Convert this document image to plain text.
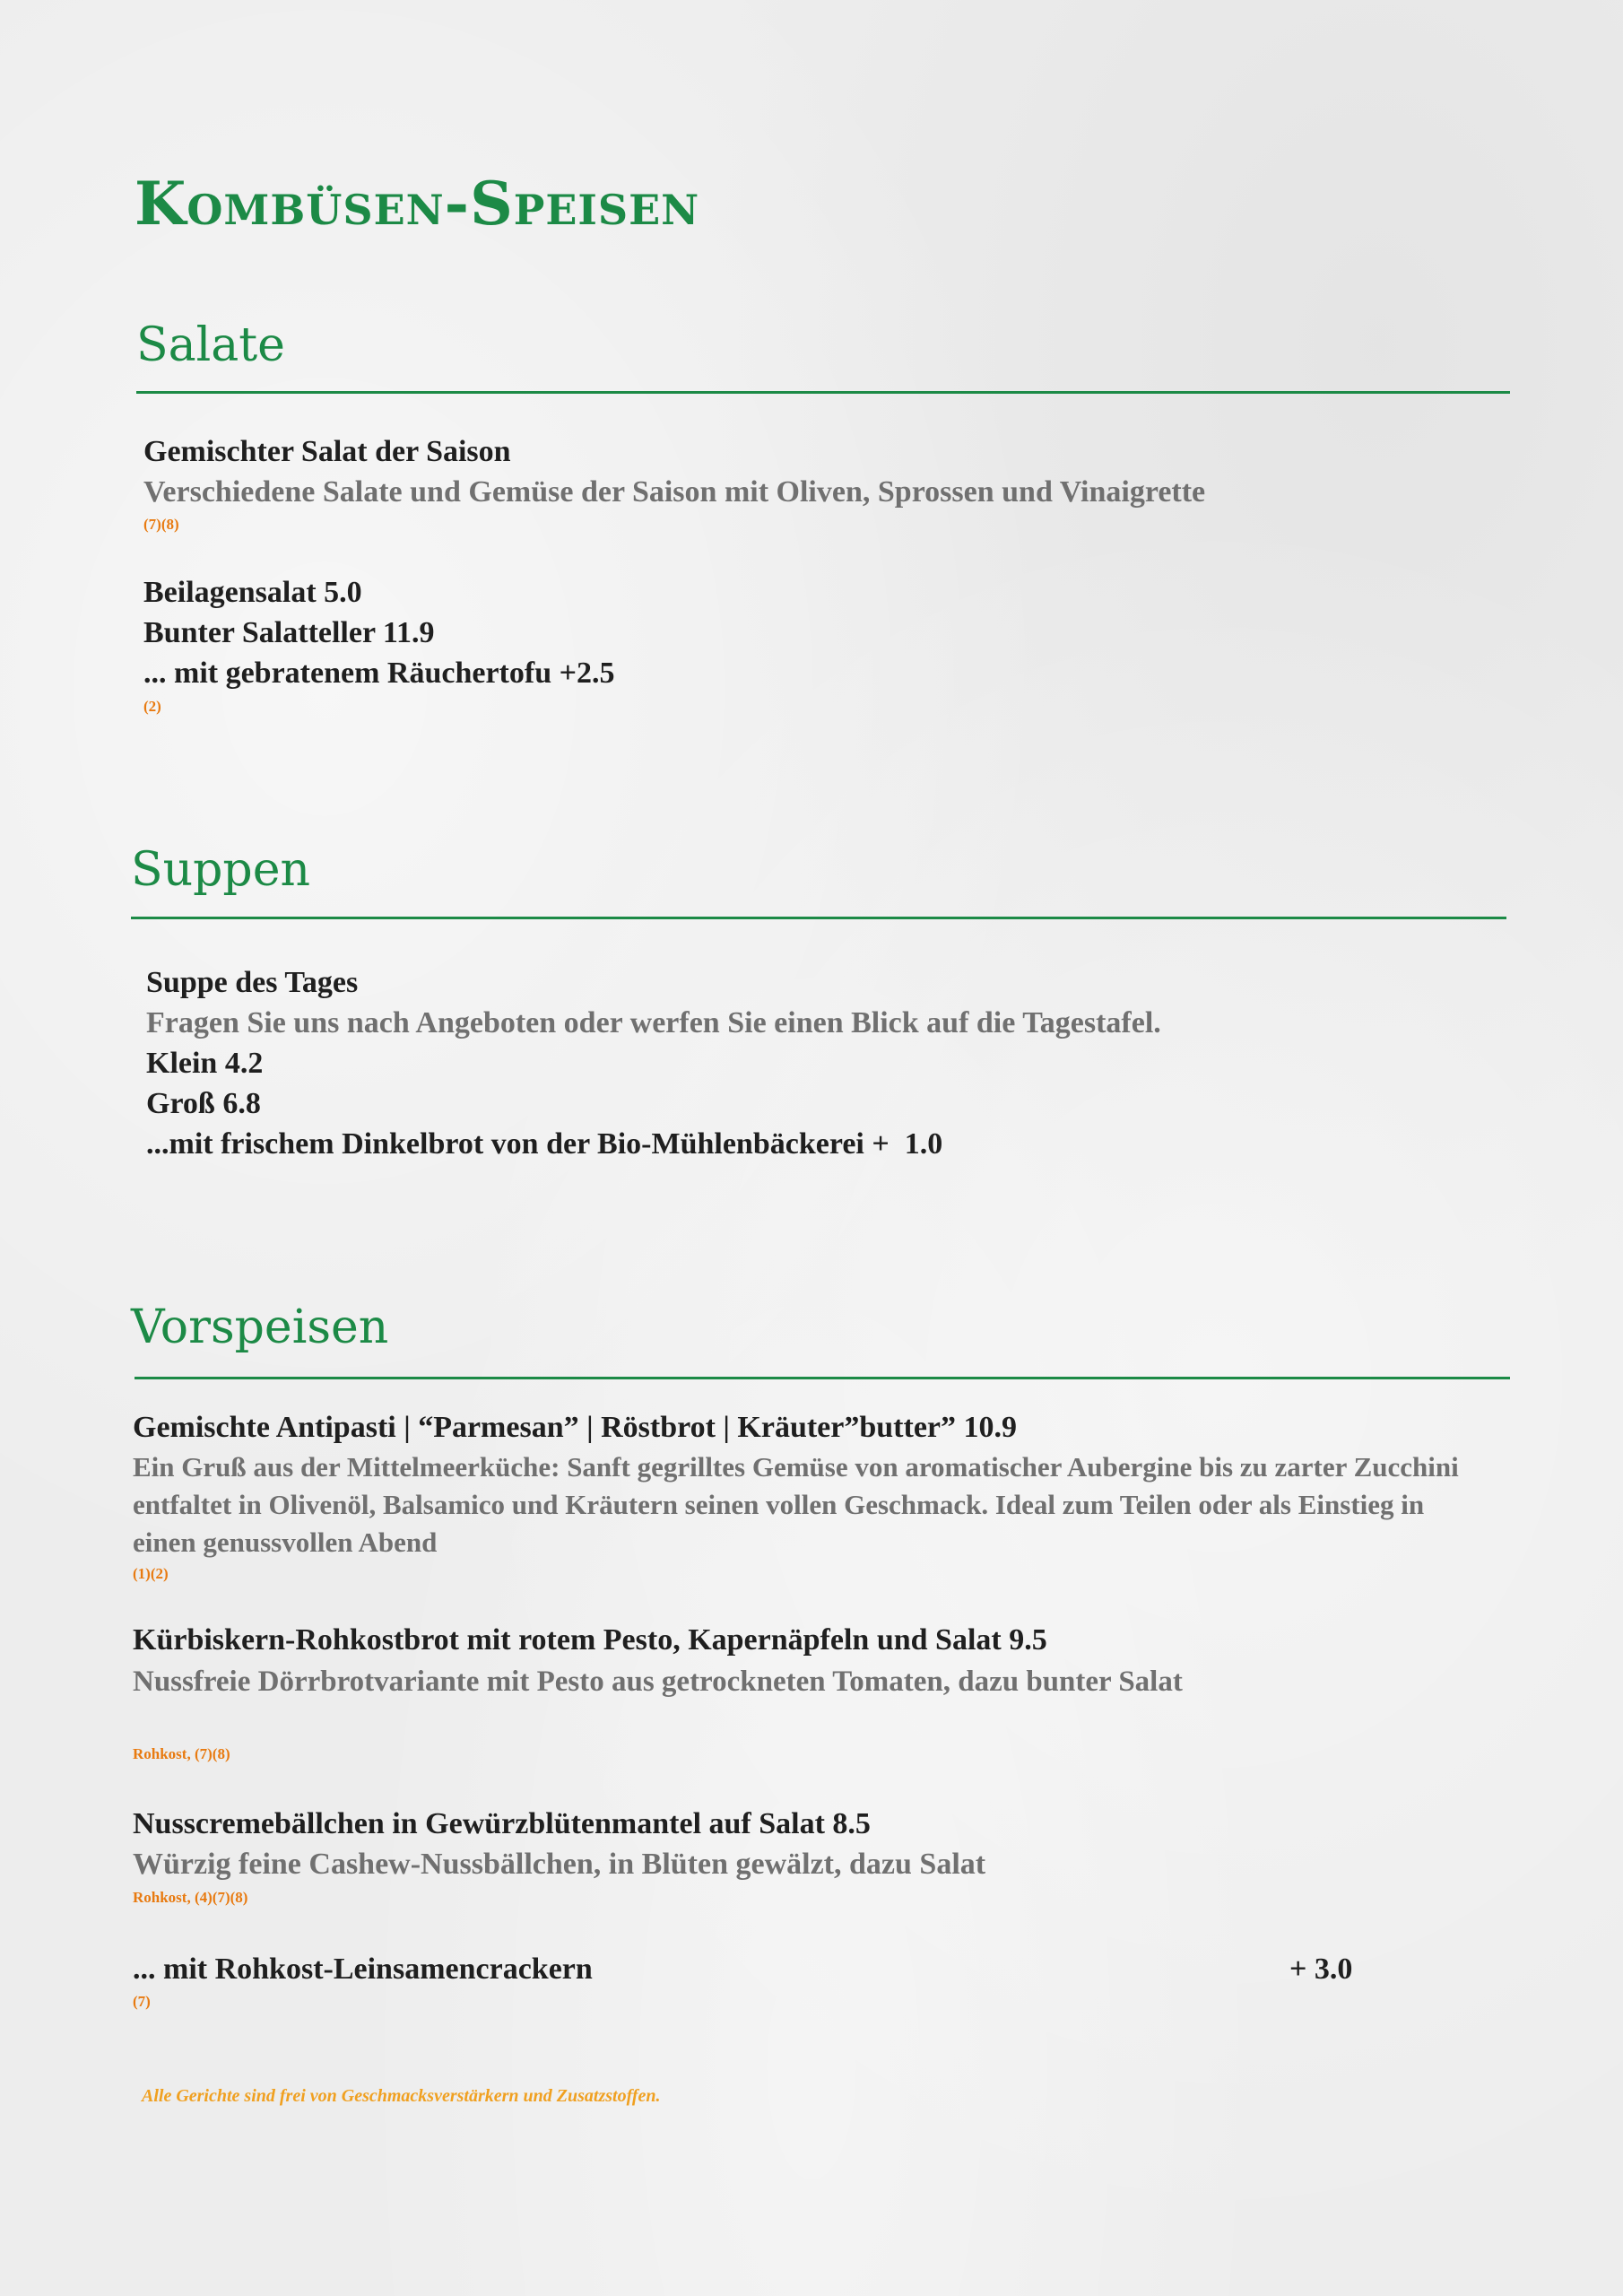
Kombüsen-Speisen
Salate
Gemischter Salat der Saison
Verschiedene Salate und Gemüse der Saison mit Oliven, Sprossen und Vinaigrette
(7)(8)
Beilagensalat 5.0
Bunter Salatteller 11.9
... mit gebratenem Räuchertofu +2.5
(2)
Suppen
Suppe des Tages
Fragen Sie uns nach Angeboten oder werfen Sie einen Blick auf die Tagestafel.
Klein 4.2
Groß 6.8
...mit frischem Dinkelbrot von der Bio-Mühlenbäckerei +  1.0
Vorspeisen
Gemischte Antipasti | “Parmesan” | Röstbrot | Kräuter”butter” 10.9
Ein Gruß aus der Mittelmeerküche: Sanft gegrilltes Gemüse von aromatischer Aubergine bis zu zarter Zucchini entfaltet in Olivenöl, Balsamico und Kräutern seinen vollen Geschmack. Ideal zum Teilen oder als Einstieg in einen genussvollen Abend
(1)(2)
Kürbiskern-Rohkostbrot mit rotem Pesto, Kapernäpfeln und Salat 9.5
Nussfreie Dörrbrotvariante mit Pesto aus getrockneten Tomaten, dazu bunter Salat
Rohkost, (7)(8)
Nusscremebällchen in Gewürzblütenmantel auf Salat 8.5
Würzig feine Cashew-Nussbällchen, in Blüten gewälzt, dazu Salat
Rohkost, (4)(7)(8)
... mit Rohkost-Leinsamencrackern	+ 3.0
(7)
Alle Gerichte sind frei von Geschmacksverstärkern und Zusatzstoffen.
